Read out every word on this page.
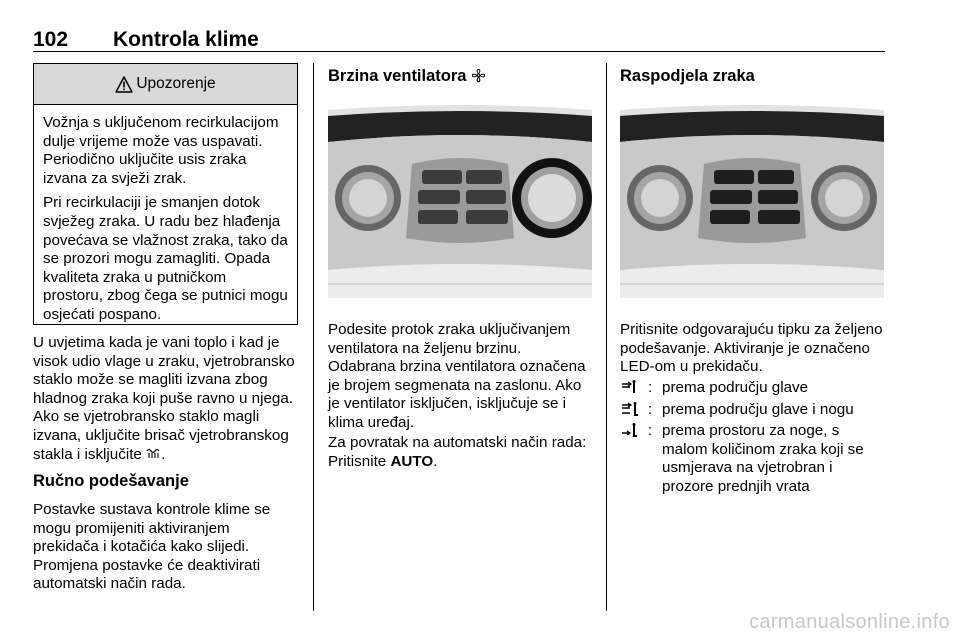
102 Kontrola klime
Upozorenje

Vožnja s uključenom recirkulacijom dulje vrijeme može vas uspavati. Periodično uključite usis zraka izvana za svježi zrak.

Pri recirkulaciji je smanjen dotok svježeg zraka. U radu bez hlađenja povećava se vlažnost zraka, tako da se prozori mogu zamagliti. Opada kvaliteta zraka u putničkom prostoru, zbog čega se putnici mogu osjećati pospano.

U uvjetima kada je vani toplo i kad je visok udio vlage u zraku, vjetrobransko staklo može se magliti izvana zbog hladnog zraka koji puše ravno u njega. Ako se vjetrobransko staklo magli izvana, uključite brisač vjetrobranskog stakla i isključite .

Ručno podešavanje

Postavke sustava kontrole klime se mogu promijeniti aktiviranjem prekidača i kotačića kako slijedi. Promjena postavke će deaktivirati automatski način rada.

Brzina ventilatora

Podesite protok zraka uključivanjem ventilatora na željenu brzinu. Odabrana brzina ventilatora označena je brojem segmenata na zaslonu. Ako je ventilator isključen, isključuje se i klima uređaj.

Za povratak na automatski način rada: Pritisnite AUTO.

Raspodjela zraka

Pritisnite odgovarajuću tipku za željeno podešavanje. Aktiviranje je označeno LED-om u prekidaču.

: prema području glave
: prema području glave i nogu
: prema prostoru za noge, s malom količinom zraka koji se usmjerava na vjetrobran i prozore prednjih vrata
carmanualsonline.info
